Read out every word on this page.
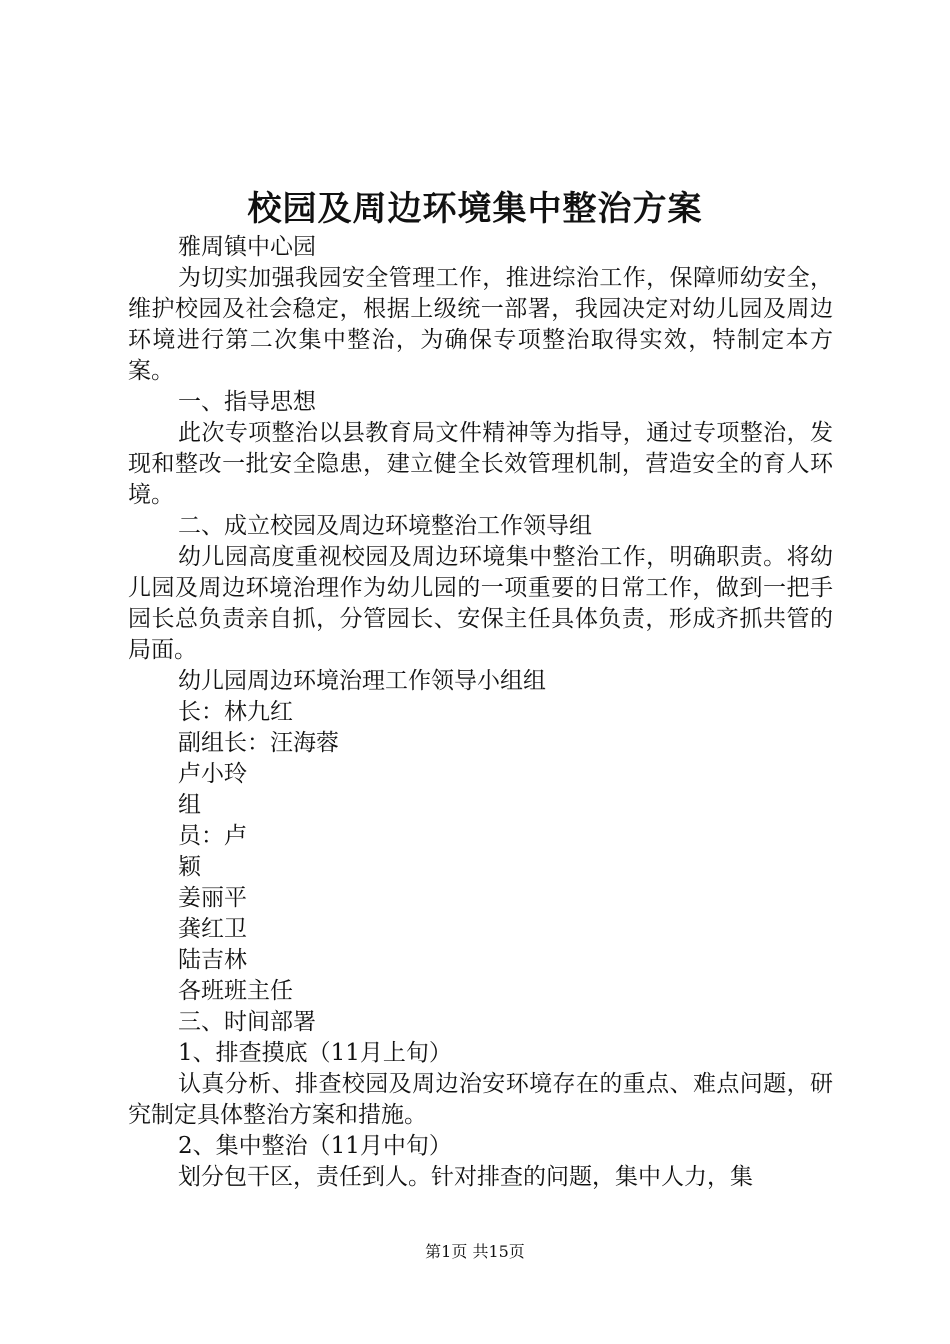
校园及周边环境集中整治方案

雅周镇中心园

为切实加强我园安全管理工作，推进综治工作，保障师幼安全，维护校园及社会稳定，根据上级统一部署，我园决定对幼儿园及周边环境进行第二次集中整治，为确保专项整治取得实效，特制定本方案。

一、指导思想

此次专项整治以县教育局文件精神等为指导，通过专项整治，发现和整改一批安全隐患，建立健全长效管理机制，营造安全的育人环境。

二、成立校园及周边环境整治工作领导组

幼儿园高度重视校园及周边环境集中整治工作，明确职责。将幼儿园及周边环境治理作为幼儿园的一项重要的日常工作，做到一把手园长总负责亲自抓，分管园长、安保主任具体负责，形成齐抓共管的局面。

幼儿园周边环境治理工作领导小组组

长：林九红

副组长：汪海蓉

卢小玲

组

员：卢

颖

姜丽平

龚红卫

陆吉林

各班班主任

三、时间部署

1、排查摸底（11月上旬）

认真分析、排查校园及周边治安环境存在的重点、难点问题，研究制定具体整治方案和措施。

2、集中整治（11月中旬）

划分包干区，责任到人。针对排查的问题，集中人力，集

第1页 共15页
